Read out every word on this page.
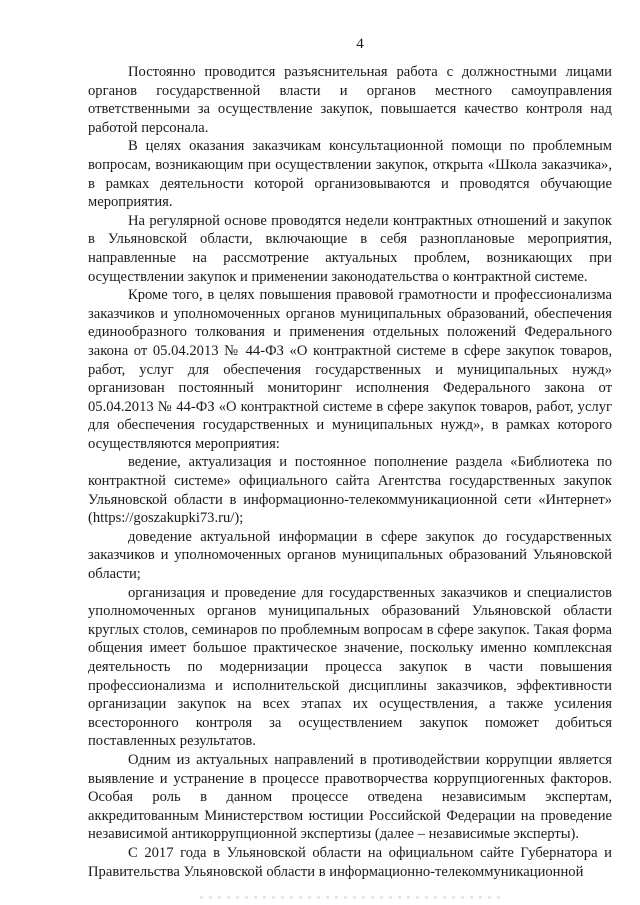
4

Постоянно проводится разъяснительная работа с должностными лицами органов государственной власти и органов местного самоуправления ответственными за осуществление закупок, повышается качество контроля над работой персонала.

В целях оказания заказчикам консультационной помощи по проблемным вопросам, возникающим при осуществлении закупок, открыта «Школа заказчика», в рамках деятельности которой организовываются и проводятся обучающие мероприятия.

На регулярной основе проводятся недели контрактных отношений и закупок в Ульяновской области, включающие в себя разноплановые мероприятия, направленные на рассмотрение актуальных проблем, возникающих при осуществлении закупок и применении законодательства о контрактной системе.

Кроме того, в целях повышения правовой грамотности и профессионализма заказчиков и уполномоченных органов муниципальных образований, обеспечения единообразного толкования и применения отдельных положений Федерального закона от 05.04.2013 № 44-ФЗ «О контрактной системе в сфере закупок товаров, работ, услуг для обеспечения государственных и муниципальных нужд» организован постоянный мониторинг исполнения Федерального закона от 05.04.2013 № 44-ФЗ «О контрактной системе в сфере закупок товаров, работ, услуг для обеспечения государственных и муниципальных нужд», в рамках которого осуществляются мероприятия:

ведение, актуализация и постоянное пополнение раздела «Библиотека по контрактной системе» официального сайта Агентства государственных закупок Ульяновской области в информационно-телекоммуникационной сети «Интернет» (https://goszakupki73.ru/);

доведение актуальной информации в сфере закупок до государственных заказчиков и уполномоченных органов муниципальных образований Ульяновской области;

организация и проведение для государственных заказчиков и специалистов уполномоченных органов муниципальных образований Ульяновской области круглых столов, семинаров по проблемным вопросам в сфере закупок. Такая форма общения имеет большое практическое значение, поскольку именно комплексная деятельность по модернизации процесса закупок в части повышения профессионализма и исполнительской дисциплины заказчиков, эффективности организации закупок на всех этапах их осуществления, а также усиления всесторонного контроля за осуществлением закупок поможет добиться поставленных результатов.

Одним из актуальных направлений в противодействии коррупции является выявление и устранение в процессе правотворчества коррупциогенных факторов. Особая роль в данном процессе отведена независимым экспертам, аккредитованным Министерством юстиции Российской Федерации на проведение независимой антикоррупционной экспертизы (далее – независимые эксперты).

С 2017 года в Ульяновской области на официальном сайте Губернатора и Правительства Ульяновской области в информационно-телекоммуникационной
